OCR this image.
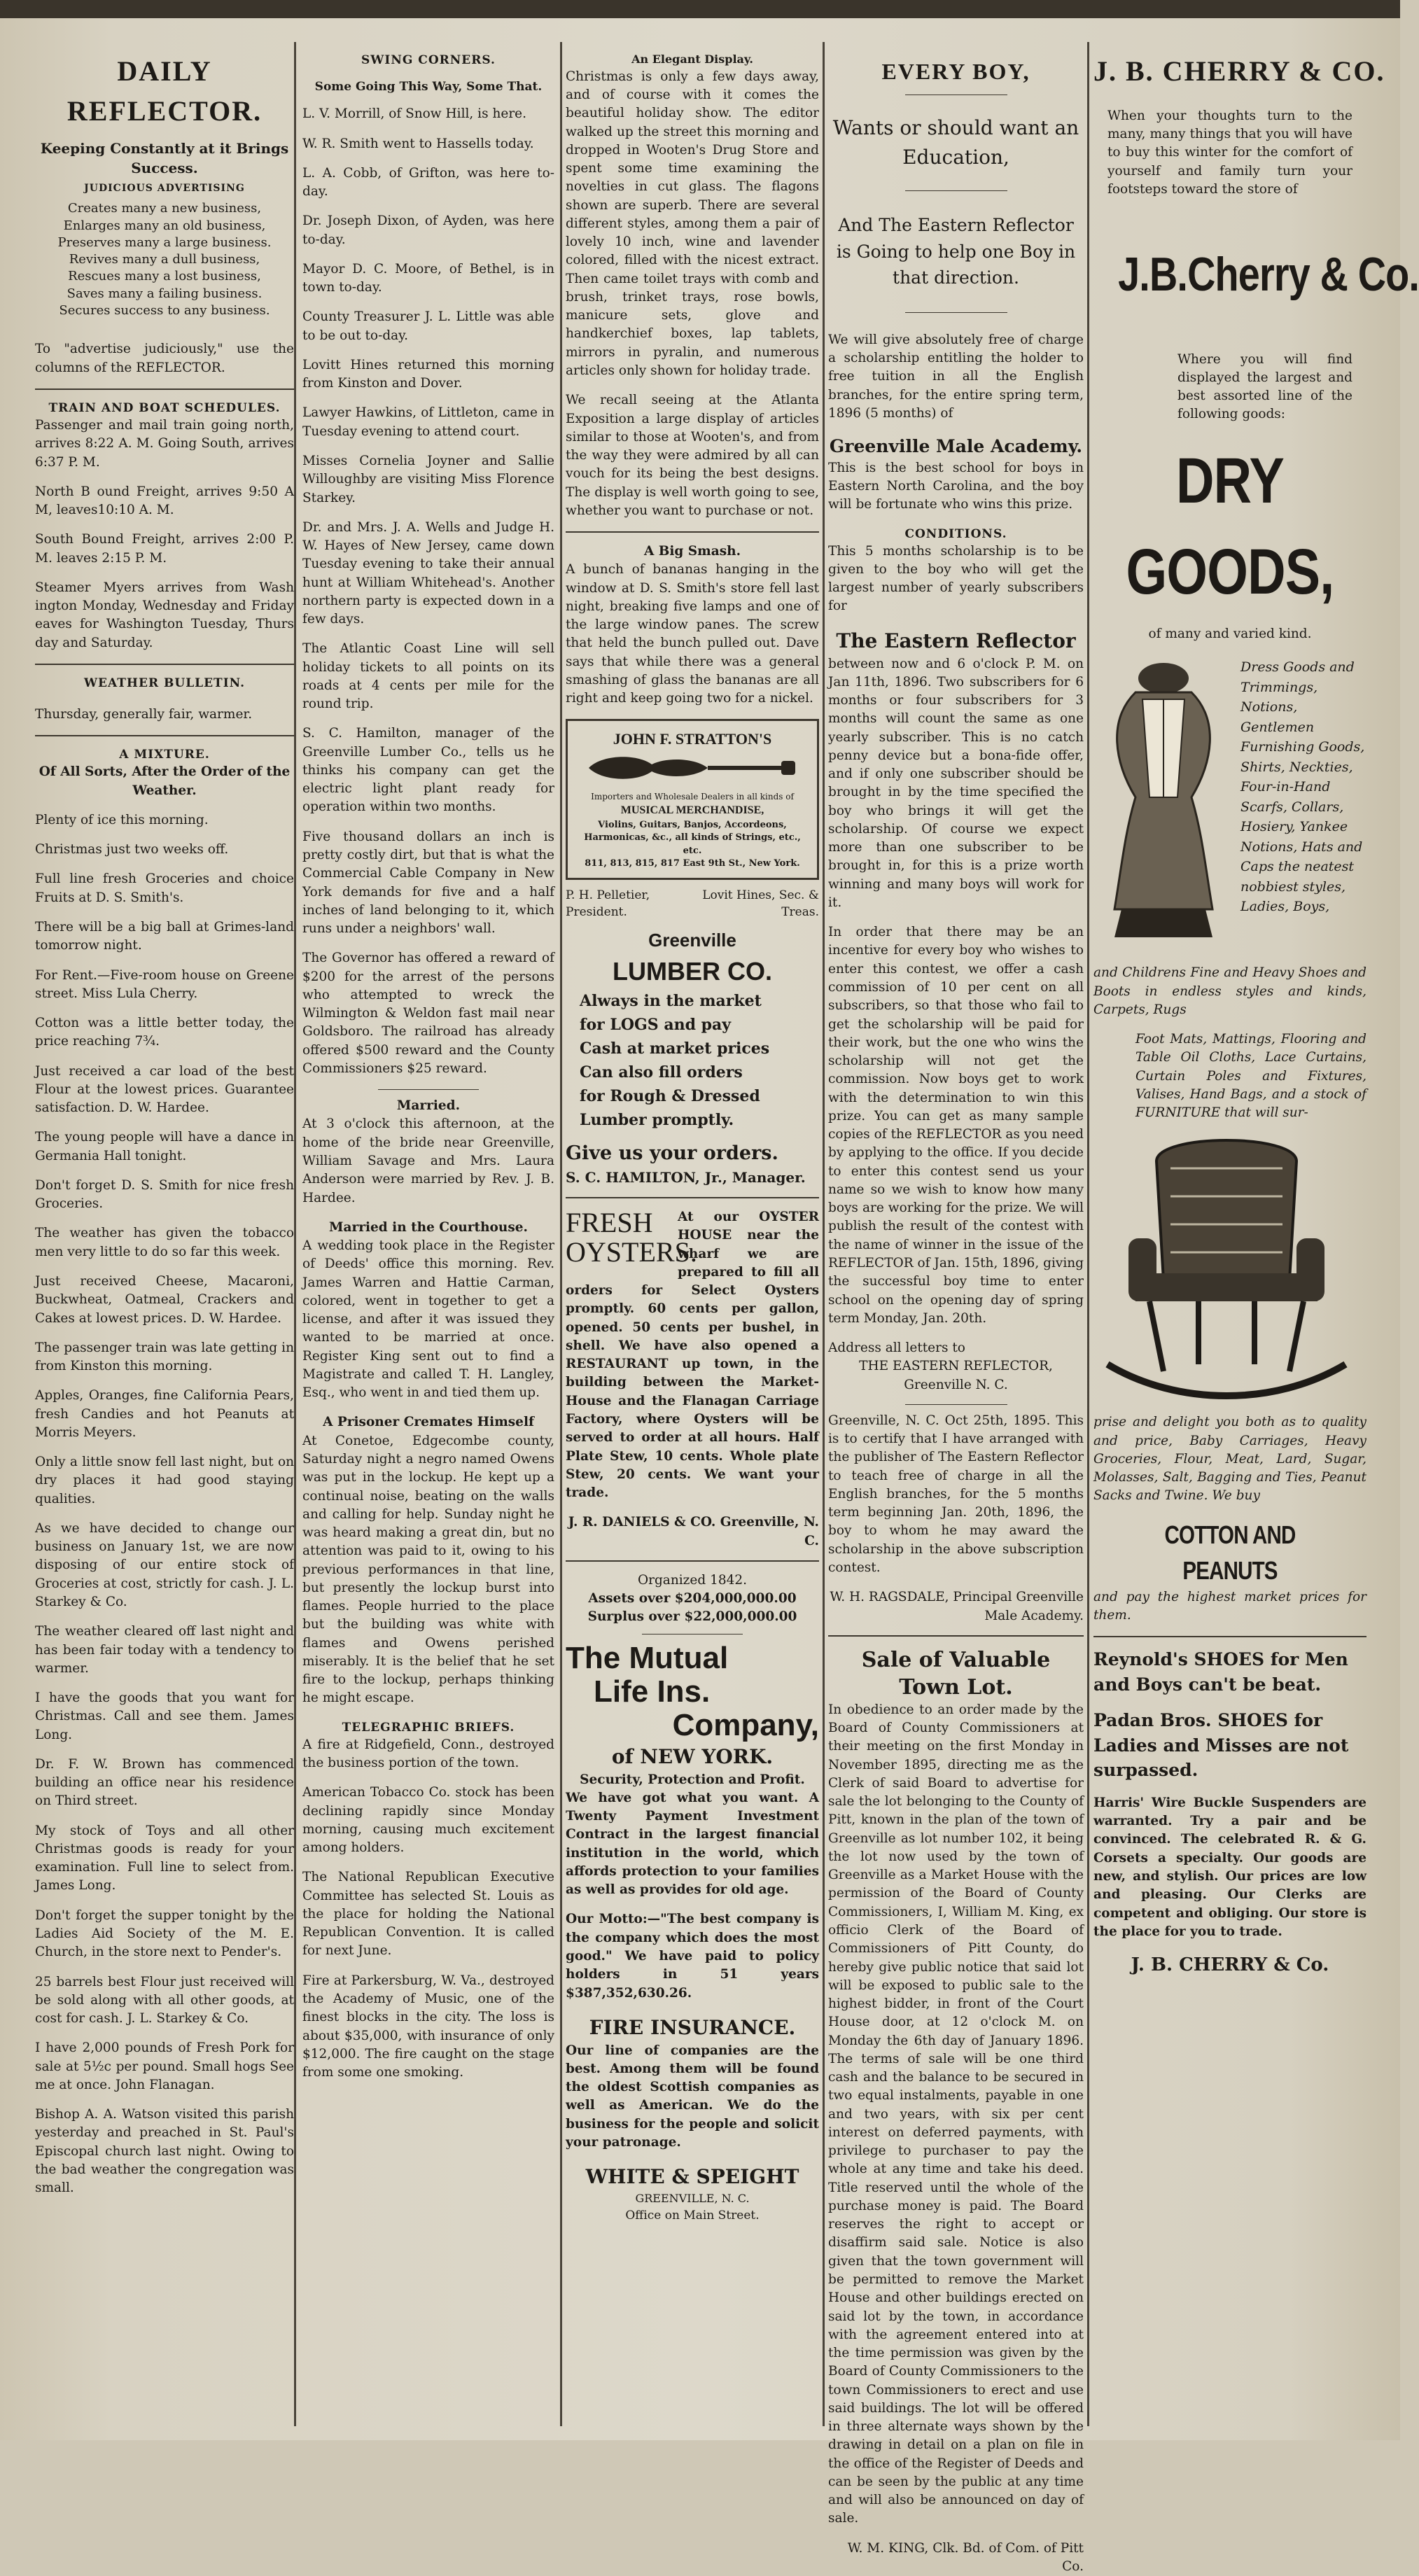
DAILY REFLECTOR.
Keeping Constantly at it Brings Success.
JUDICIOUS ADVERTISING
Creates many a new business,
Enlarges many an old business,
Preserves many a large business.
Revives many a dull business,
Rescues many a lost business,
Saves many a failing business.
Secures success to any business.

To "advertise judiciously," use the columns of the REFLECTOR.

TRAIN AND BOAT SCHEDULES.

Passenger and mail train going north, arrives 8:22 A. M. Going South, arrives 6:37 P. M.

North B ound Freight, arrives 9:50 A M, leaves10:10 A. M.

South Bound Freight, arrives 2:00 P. M. leaves 2:15 P. M.

Steamer Myers arrives from Wash ington Monday, Wednesday and Friday eaves for Washington Tuesday, Thurs day and Saturday.

WEATHER BULLETIN.

Thursday, generally fair, warmer.

A MIXTURE.
Of All Sorts, After the Order of the Weather.

Plenty of ice this morning.

Christmas just two weeks off.

Full line fresh Groceries and choice Fruits at D. S. Smith's.

There will be a big ball at Grimes-land tomorrow night.

For Rent.—Five-room house on Greene street. Miss Lula Cherry.

Cotton was a little better today, the price reaching 7¾.

Just received a car load of the best Flour at the lowest prices. Guarantee satisfaction. D. W. Hardee.

The young people will have a dance in Germania Hall tonight.

Don't forget D. S. Smith for nice fresh Groceries.

The weather has given the tobacco men very little to do so far this week.

Just received Cheese, Macaroni, Buckwheat, Oatmeal, Crackers and Cakes at lowest prices. D. W. Hardee.

The passenger train was late getting in from Kinston this morning.

Apples, Oranges, fine California Pears, fresh Candies and hot Peanuts at Morris Meyers.

Only a little snow fell last night, but on dry places it had good staying qualities.

As we have decided to change our business on January 1st, we are now disposing of our entire stock of Groceries at cost, strictly for cash. J. L. Starkey & Co.

The weather cleared off last night and has been fair today with a tendency to warmer.

I have the goods that you want for Christmas. Call and see them. James Long.

Dr. F. W. Brown has commenced building an office near his residence on Third street.

My stock of Toys and all other Christmas goods is ready for your examination. Full line to select from. James Long.

Don't forget the supper tonight by the Ladies Aid Society of the M. E. Church, in the store next to Pender's.

25 barrels best Flour just received will be sold along with all other goods, at cost for cash. J. L. Starkey & Co.

I have 2,000 pounds of Fresh Pork for sale at 5½c per pound. Small hogs See me at once. John Flanagan.

Bishop A. A. Watson visited this parish yesterday and preached in St. Paul's Episcopal church last night. Owing to the bad weather the congregation was small.

SWING CORNERS.
Some Going This Way, Some That.

L. V. Morrill, of Snow Hill, is here.

W. R. Smith went to Hassells today.

L. A. Cobb, of Grifton, was here to-day.

Dr. Joseph Dixon, of Ayden, was here to-day.

Mayor D. C. Moore, of Bethel, is in town to-day.

County Treasurer J. L. Little was able to be out to-day.

Lovitt Hines returned this morning from Kinston and Dover.

Lawyer Hawkins, of Littleton, came in Tuesday evening to attend court.

Misses Cornelia Joyner and Sallie Willoughby are visiting Miss Florence Starkey.

Dr. and Mrs. J. A. Wells and Judge H. W. Hayes of New Jersey, came down Tuesday evening to take their annual hunt at William Whitehead's. Another northern party is expected down in a few days.

The Atlantic Coast Line will sell holiday tickets to all points on its roads at 4 cents per mile for the round trip.

S. C. Hamilton, manager of the Greenville Lumber Co., tells us he thinks his company can get the electric light plant ready for operation within two months.

Five thousand dollars an inch is pretty costly dirt, but that is what the Commercial Cable Company in New York demands for five and a half inches of land belonging to it, which runs under a neighbors' wall.

The Governor has offered a reward of $200 for the arrest of the persons who attempted to wreck the Wilmington & Weldon fast mail near Goldsboro. The railroad has already offered $500 reward and the County Commissioners $25 reward.

Married.

At 3 o'clock this afternoon, at the home of the bride near Greenville, William Savage and Mrs. Laura Anderson were married by Rev. J. B. Hardee.

Married in the Courthouse.

A wedding took place in the Register of Deeds' office this morning. Rev. James Warren and Hattie Carman, colored, went in together to get a license, and after it was issued they wanted to be married at once. Register King sent out to find a Magistrate and called T. H. Langley, Esq., who went in and tied them up.

A Prisoner Cremates Himself

At Conetoe, Edgecombe county, Saturday night a negro named Owens was put in the lockup. He kept up a continual noise, beating on the walls and calling for help. Sunday night he was heard making a great din, but no attention was paid to it, owing to his previous performances in that line, but presently the lockup burst into flames. People hurried to the place but the building was white with flames and Owens perished miserably. It is the belief that he set fire to the lockup, perhaps thinking he might escape.

TELEGRAPHIC BRIEFS.

A fire at Ridgefield, Conn., destroyed the business portion of the town.

American Tobacco Co. stock has been declining rapidly since Monday morning, causing much excitement among holders.

The National Republican Executive Committee has selected St. Louis as the place for holding the National Republican Convention. It is called for next June.

Fire at Parkersburg, W. Va., destroyed the Academy of Music, one of the finest blocks in the city. The loss is about $35,000, with insurance of only $12,000. The fire caught on the stage from some one smoking.

An Elegant Display.

Christmas is only a few days away, and of course with it comes the beautiful holiday show. The editor walked up the street this morning and dropped in Wooten's Drug Store and spent some time examining the novelties in cut glass. The flagons shown are superb. There are several different styles, among them a pair of lovely 10 inch, wine and lavender colored, filled with the nicest extract. Then came toilet trays with comb and brush, trinket trays, rose bowls, manicure sets, glove and handkerchief boxes, lap tablets, mirrors in pyralin, and numerous articles only shown for holiday trade.

We recall seeing at the Atlanta Exposition a large display of articles similar to those at Wooten's, and from the way they were admired by all can vouch for its being the best designs. The display is well worth going to see, whether you want to purchase or not.

A Big Smash.

A bunch of bananas hanging in the window at D. S. Smith's store fell last night, breaking five lamps and one of the large window panes. The screw that held the bunch pulled out. Dave says that while there was a general smashing of glass the bananas are all right and keep going two for a nickel.

JOHN F. STRATTON'S
Importers and Wholesale Dealers in all kinds of
MUSICAL MERCHANDISE,
Violins, Guitars, Banjos, Accordeons, Harmonicas, &c., all kinds of Strings, etc., etc.
811, 813, 815, 817 East 9th St., New York.
P. H. Pelletier, President.
Lovit Hines, Sec. & Treas.
Greenville
LUMBER CO.
Always in the market
for LOGS and pay
Cash at market prices
Can also fill orders
for Rough & Dressed
Lumber promptly.
Give us your orders.
S. C. HAMILTON, Jr., Manager.
FRESH OYSTERS.

At our OYSTER HOUSE near the wharf we are prepared to fill all orders for Select Oysters promptly. 60 cents per gallon, opened. 50 cents per bushel, in shell. We have also opened a RESTAURANT up town, in the building between the Market-House and the Flanagan Carriage Factory, where Oysters will be served to order at all hours. Half Plate Stew, 10 cents. Whole plate Stew, 20 cents. We want your trade.

J. R. DANIELS & CO. Greenville, N. C.
Organized 1842.
Assets over $204,000,000.00
Surplus over $22,000,000.00
The Mutual
Life Ins.
Company,
of NEW YORK.
Security, Protection and Profit.

We have got what you want. A Twenty Payment Investment Contract in the largest financial institution in the world, which affords protection to your families as well as provides for old age.

Our Motto:—"The best company is the company which does the most good." We have paid to policy holders in 51 years $387,352,630.26.

FIRE INSURANCE.

Our line of companies are the best. Among them will be found the oldest Scottish companies as well as American. We do the business for the people and solicit your patronage.

WHITE & SPEIGHT
GREENVILLE, N. C.
Office on Main Street.
EVERY BOY,
Wants or should want an Education,
And The Eastern Reflector is Going to help one Boy in that direction.

We will give absolutely free of charge a scholarship entitling the holder to free tuition in all the English branches, for the entire spring term, 1896 (5 months) of

Greenville Male Academy.

This is the best school for boys in Eastern North Carolina, and the boy will be fortunate who wins this prize.

CONDITIONS.

This 5 months scholarship is to be given to the boy who will get the largest number of yearly subscribers for

The Eastern Reflector

between now and 6 o'clock P. M. on Jan 11th, 1896. Two subscribers for 6 months or four subscribers for 3 months will count the same as one yearly subscriber. This is no catch penny device but a bona-fide offer, and if only one subscriber should be brought in by the time specified the boy who brings it will get the scholarship. Of course we expect more than one subscriber to be brought in, for this is a prize worth winning and many boys will work for it.

In order that there may be an incentive for every boy who wishes to enter this contest, we offer a cash commission of 10 per cent on all subscribers, so that those who fail to get the scholarship will be paid for their work, but the one who wins the scholarship will not get the commission. Now boys get to work with the determination to win this prize. You can get as many sample copies of the REFLECTOR as you need by applying to the office. If you decide to enter this contest send us your name so we wish to know how many boys are working for the prize. We will publish the result of the contest with the name of winner in the issue of the REFLECTOR of Jan. 15th, 1896, giving the successful boy time to enter school on the opening day of spring term Monday, Jan. 20th.

Address all letters to
THE EASTERN REFLECTOR, Greenville N. C.

Greenville, N. C. Oct 25th, 1895. This is to certify that I have arranged with the publisher of The Eastern Reflector to teach free of charge in all the English branches, for the 5 months term beginning Jan. 20th, 1896, the boy to whom he may award the scholarship in the above subscription contest.

W. H. RAGSDALE, Principal Greenville Male Academy.
Sale of Valuable Town Lot.

In obedience to an order made by the Board of County Commissioners at their meeting on the first Monday in November 1895, directing me as the Clerk of said Board to advertise for sale the lot belonging to the County of Pitt, known in the plan of the town of Greenville as lot number 102, it being the lot now used by the town of Greenville as a Market House with the permission of the Board of County Commissioners, I, William M. King, ex officio Clerk of the Board of Commissioners of Pitt County, do hereby give public notice that said lot will be exposed to public sale to the highest bidder, in front of the Court House door, at 12 o'clock M. on Monday the 6th day of January 1896. The terms of sale will be one third cash and the balance to be secured in two equal instalments, payable in one and two years, with six per cent interest on deferred payments, with privilege to purchaser to pay the whole at any time and take his deed. Title reserved until the whole of the purchase money is paid. The Board reserves the right to accept or disaffirm said sale. Notice is also given that the town government will be permitted to remove the Market House and other buildings erected on said lot by the town, in accordance with the agreement entered into at the time permission was given by the Board of County Commissioners to the town Commissioners to erect and use said buildings. The lot will be offered in three alternate ways shown by the drawing in detail on a plan on file in the office of the Register of Deeds and can be seen by the public at any time and will also be announced on day of sale.

W. M. KING, Clk. Bd. of Com. of Pitt Co.
J. B. CHERRY & CO.

When your thoughts turn to the many, many things that you will have to buy this winter for the comfort of yourself and family turn your footsteps toward the store of

J.B.Cherry & Co.

Where you will find displayed the largest and best assorted line of the following goods:

DRY GOODS,
of many and varied kind.
Dress Goods and Trimmings, Notions, Gentlemen Furnishing Goods, Shirts, Neckties, Four-in-Hand Scarfs, Collars, Hosiery, Yankee Notions, Hats and Caps the neatest nobbiest styles, Ladies, Boys,

and Childrens Fine and Heavy Shoes and Boots in endless styles and kinds, Carpets, Rugs

Foot Mats, Mattings, Flooring and Table Oil Cloths, Lace Curtains, Curtain Poles and Fixtures, Valises, Hand Bags, and a stock of FURNITURE that will sur-

prise and delight you both as to quality and price, Baby Carriages, Heavy Groceries, Flour, Meat, Lard, Sugar, Molasses, Salt, Bagging and Ties, Peanut Sacks and Twine. We buy

COTTON AND PEANUTS

and pay the highest market prices for them.

Reynold's SHOES for Men and Boys can't be beat.

Padan Bros. SHOES for Ladies and Misses are not surpassed.

Harris' Wire Buckle Suspenders are warranted. Try a pair and be convinced. The celebrated R. & G. Corsets a specialty. Our goods are new, and stylish. Our prices are low and pleasing. Our Clerks are competent and obliging. Our store is the place for you to trade.

J. B. CHERRY & Co.
